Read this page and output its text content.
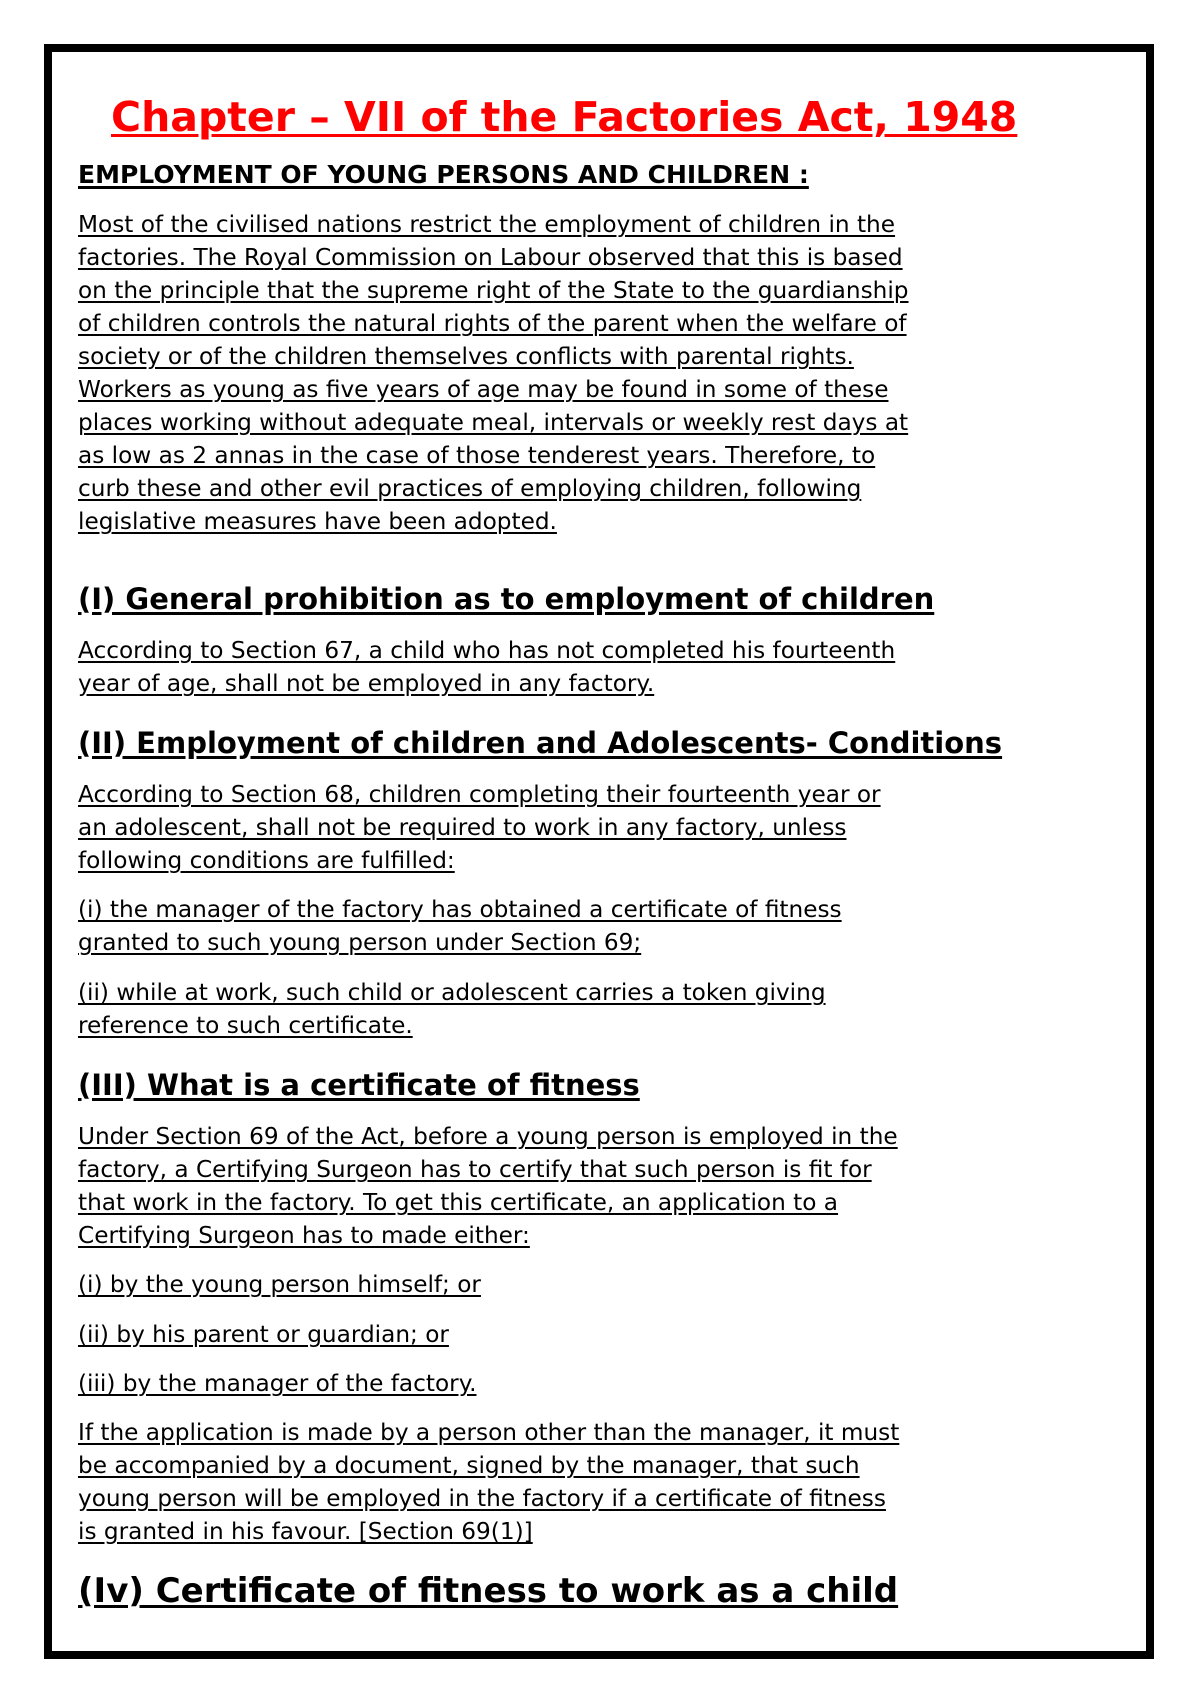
Chapter – VII of the Factories Act, 1948
EMPLOYMENT OF YOUNG PERSONS AND CHILDREN :
Most of the civilised nations restrict the employment of children in the
factories. The Royal Commission on Labour observed that this is based
on the principle that the supreme right of the State to the guardianship
of children controls the natural rights of the parent when the welfare of
society or of the children themselves conflicts with parental rights.
Workers as young as five years of age may be found in some of these
places working without adequate meal, intervals or weekly rest days at
as low as 2 annas in the case of those tenderest years. Therefore, to
curb these and other evil practices of employing children, following
legislative measures have been adopted.
(I) General prohibition as to employment of children
According to Section 67, a child who has not completed his fourteenth
year of age, shall not be employed in any factory.
(II) Employment of children and Adolescents- Conditions
According to Section 68, children completing their fourteenth year or
an adolescent, shall not be required to work in any factory, unless
following conditions are fulfilled:
(i) the manager of the factory has obtained a certificate of fitness
granted to such young person under Section 69;
(ii) while at work, such child or adolescent carries a token giving
reference to such certificate.
(III) What is a certificate of fitness
Under Section 69 of the Act, before a young person is employed in the
factory, a Certifying Surgeon has to certify that such person is fit for
that work in the factory. To get this certificate, an application to a
Certifying Surgeon has to made either:
(i) by the young person himself; or
(ii) by his parent or guardian; or
(iii) by the manager of the factory.
If the application is made by a person other than the manager, it must
be accompanied by a document, signed by the manager, that such
young person will be employed in the factory if a certificate of fitness
is granted in his favour. [Section 69(1)]
(Iv) Certificate of fitness to work as a child
